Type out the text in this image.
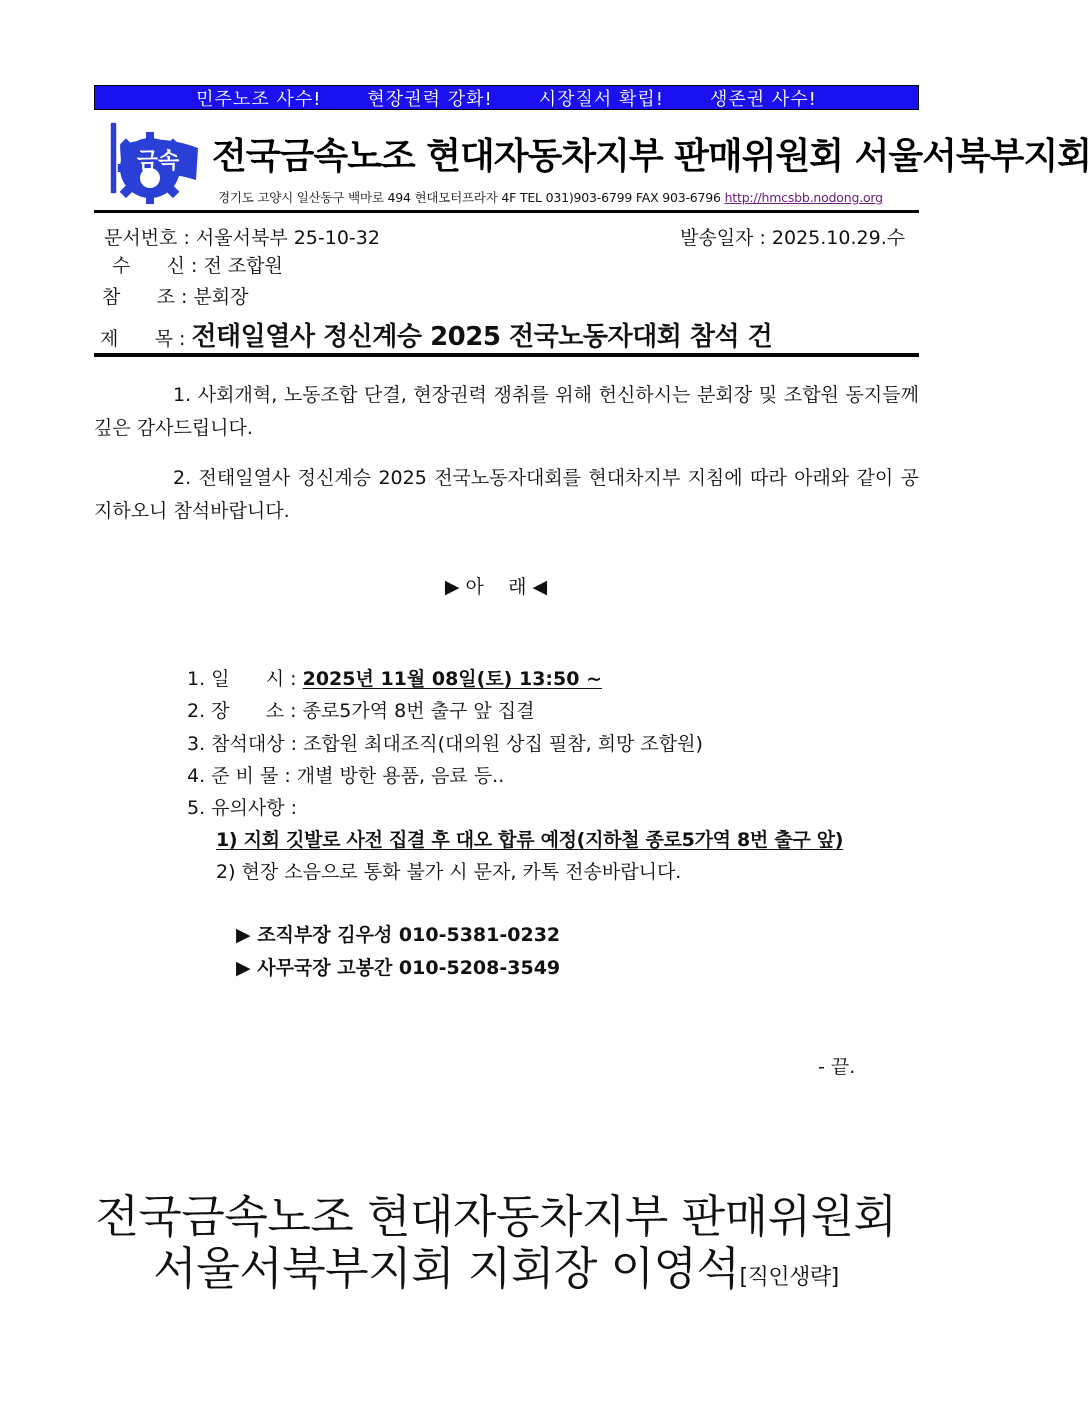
민주노조 사수!	현장권력 강화!	시장질서 확립!	생존권 사수!
금속 전국금속노조 현대자동차지부 판매위원회 서울서북부지회
경기도 고양시 일산동구 백마로 494 현대모터프라자 4F TEL 031)903-6799 FAX 903-6796 http://hmcsbb.nodong.org
문서번호 : 서울서북부 25-10-32	발송일자 : 2025.10.29.수
수      신 : 전 조합원
참      조 : 분회장
제      목 : 전태일열사 정신계승 2025 전국노동자대회 참석 건
1. 사회개혁, 노동조합 단결, 현장권력 쟁취를 위해 헌신하시는 분회장 및 조합원 동지들께 깊은 감사드립니다.
2. 전태일열사 정신계승 2025 전국노동자대회를 현대차지부 지침에 따라 아래와 같이 공지하오니 참석바랍니다.
▶ 아    래 ◀
1. 일      시 : 2025년 11월 08일(토) 13:50 ~
2. 장      소 : 종로5가역 8번 출구 앞 집결
3. 참석대상 : 조합원 최대조직(대의원 상집 필참, 희망 조합원)
4. 준 비 물 : 개별 방한 용품, 음료 등..
5. 유의사항 :
1) 지회 깃발로 사전 집결 후 대오 합류 예정(지하철 종로5가역 8번 출구 앞)
2) 현장 소음으로 통화 불가 시 문자, 카톡 전송바랍니다.
▶ 조직부장 김우성 010-5381-0232
▶ 사무국장 고봉간 010-5208-3549
- 끝.
전국금속노조 현대자동차지부 판매위원회
서울서북부지회 지회장 이영석[직인생략]
